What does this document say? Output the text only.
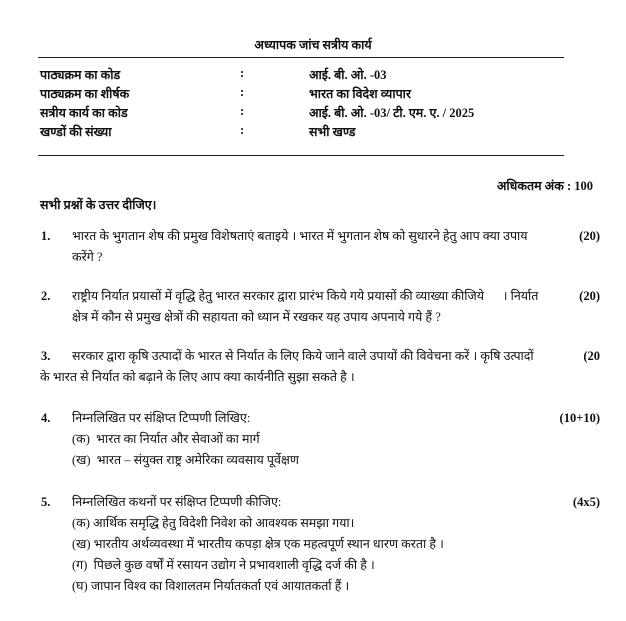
अध्यापक जांच सत्रीय कार्य
पाठ्यक्रम का कोड	:	आई. बी. ओ. -03
पाठ्यक्रम का शीर्षक	:	भारत का विदेश व्यापार
सत्रीय कार्य का कोड	:	आई. बी. ओ. -03/ टी. एम. ए. / 2025
खण्डों की संख्या	:	सभी खण्ड
अधिकतम अंक : 100
सभी प्रश्नों के उत्तर दीजिए।
1. भारत के भुगतान शेष की प्रमुख विशेषताएं बताइये । भारत में भुगतान शेष को सुधारने हेतु आप क्या उपाय
करेंगे ?
(20)
2. राष्ट्रीय निर्यात प्रयासों में वृद्धि हेतु भारत सरकार द्वारा प्रारंभ किये गये प्रयासों की व्याख्या कीजिये      । निर्यात
क्षेत्र में कौन से प्रमुख क्षेत्रों की सहायता को ध्यान में रखकर यह उपाय अपनाये गये हैं ?
(20)
3.	सरकार द्वारा कृषि उत्पादों के भारत से निर्यात के लिए किये जाने वाले उपायों की विवेचना करें । कृषि उत्पादों
के भारत से निर्यात को बढ़ाने के लिए आप क्या कार्यनीति सुझा सकते है ।
(20
4. निम्नलिखित पर संक्षिप्त टिप्पणी लिखिए:
(क)  भारत का निर्यात और सेवाओं का मार्ग
(ख)  भारत – संयुक्त राष्ट्र अमेरिका व्यवसाय पूर्वेक्षण
(10+10)
5.	निम्नलिखित कथनों पर संक्षिप्त टिप्पणी कीजिए:
(क) आर्थिक समृद्धि हेतु विदेशी निवेश को आवश्यक समझा गया।
(ख) भारतीय अर्थव्यवस्था में भारतीय कपड़ा क्षेत्र एक महत्वपूर्ण स्थान धारण करता है ।
(ग)  पिछले कुछ वर्षों में रसायन उद्योग ने प्रभावशाली वृद्धि दर्ज की है ।
(घ) जापान विश्व का विशालतम निर्यातकर्ता एवं आयातकर्ता हैं ।
(4x5)
